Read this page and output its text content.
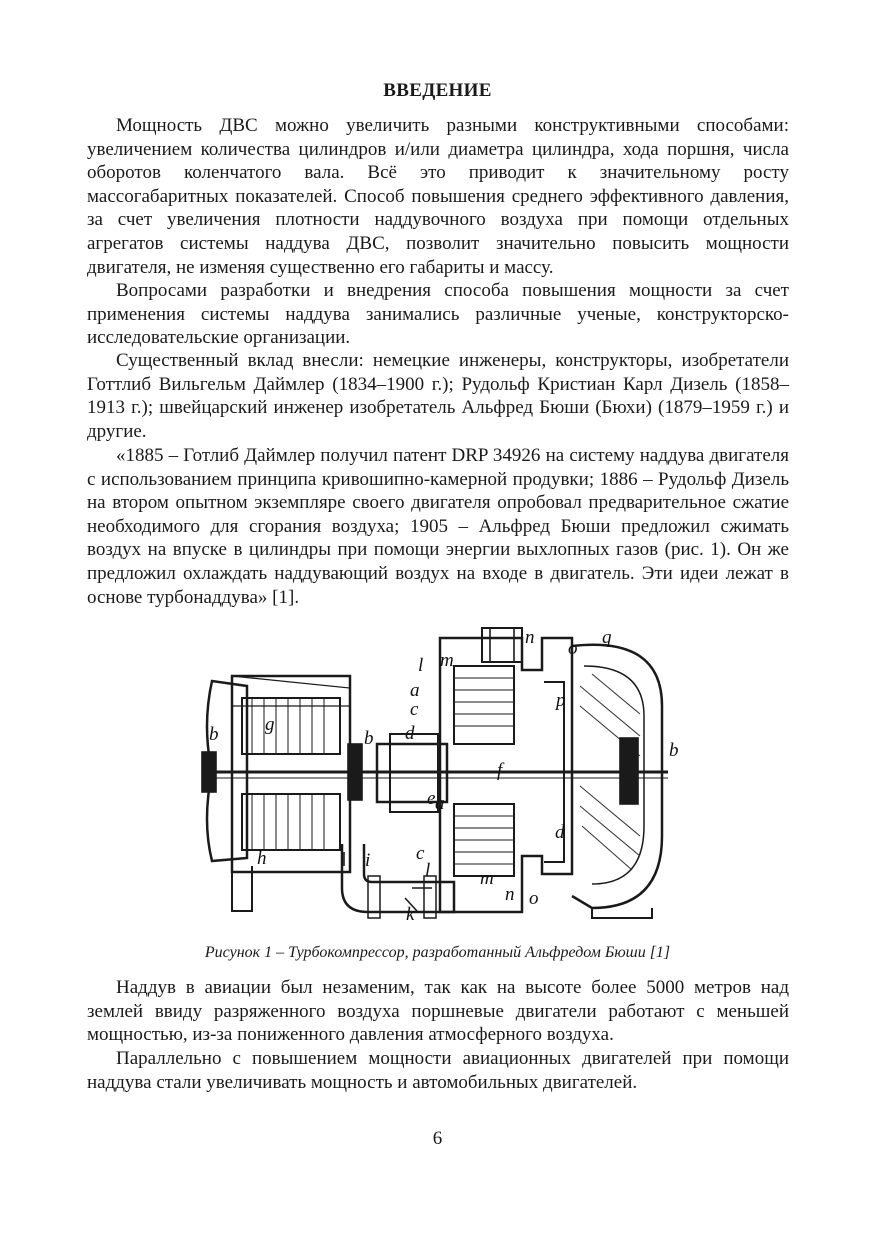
ВВЕДЕНИЕ

Мощность ДВС можно увеличить разными конструктивными способами: увеличением количества цилиндров и/или диаметра цилиндра, хода поршня, числа оборотов коленчатого вала. Всё это приводит к значительному росту массогабаритных показателей. Способ повышения среднего эффективного давления, за счет увеличения плотности наддувочного воздуха при помощи отдельных агрегатов системы наддува ДВС, позволит значительно повысить мощности двигателя, не изменяя существенно его габариты и массу.

Вопросами разработки и внедрения способа повышения мощности за счет применения системы наддува занимались различные ученые, конструкторско-исследовательские организации.

Существенный вклад внесли: немецкие инженеры, конструкторы, изобретатели Готтлиб Вильгельм Даймлер (1834–1900 г.); Рудольф Кристиан Карл Дизель (1858–1913 г.); швейцарский инженер изобретатель Альфред Бюши (Бюхи) (1879–1959 г.) и другие.

«1885 – Готлиб Даймлер получил патент DRP 34926 на систему наддува двигателя с использованием принципа кривошипно-камерной продувки; 1886 – Рудольф Дизель на втором опытном экземпляре своего двигателя опробовал предварительное сжатие необходимого для сгорания воздуха; 1905 – Альфред Бюши предложил сжимать воздух на впуске в цилиндры при помощи энергии выхлопных газов (рис. 1). Он же предложил охлаждать наддувающий воздух на входе в двигатель. Эти идеи лежат в основе турбонаддува» [1].

n
o
q
l m
a
c
d
p
g
b	b
b
f
e a
d
h	i c
l	m
n o
k
Рисунок 1 – Турбокомпрессор, разработанный Альфредом Бюши [1]

Наддув в авиации был незаменим, так как на высоте более 5000 метров над землей ввиду разряженного воздуха поршневые двигатели работают с меньшей мощностью, из-за пониженного давления атмосферного воздуха.

Параллельно с повышением мощности авиационных двигателей при помощи наддува стали увеличивать мощность и автомобильных двигателей.

6
